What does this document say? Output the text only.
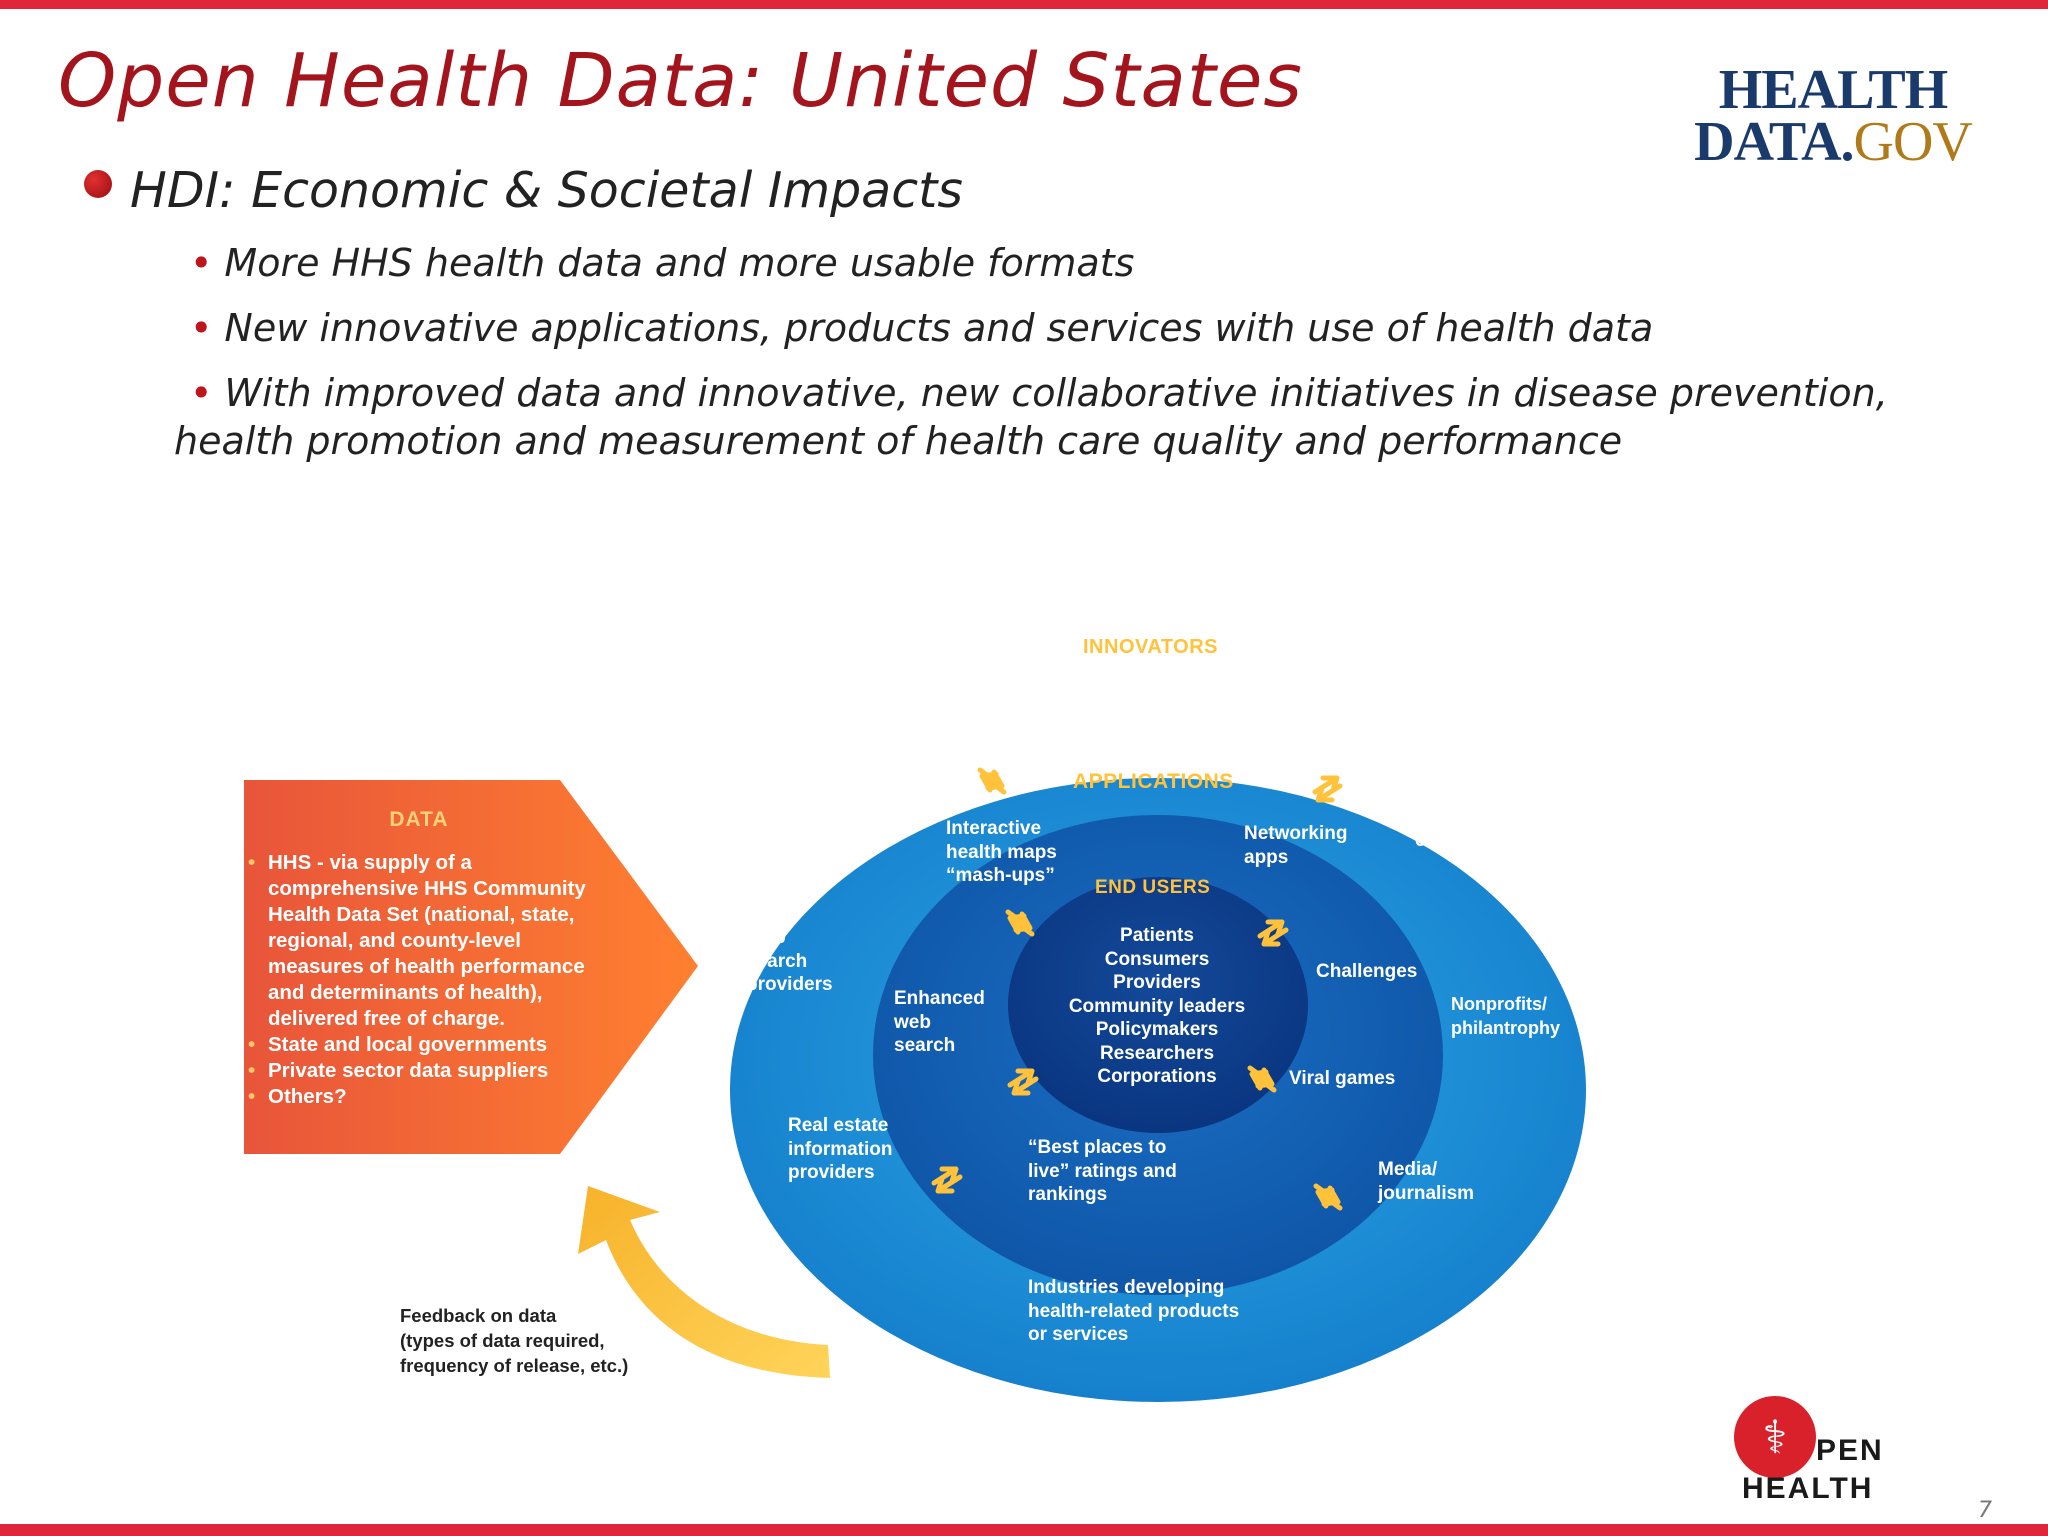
Open Health Data: United States	HEALTH
DATA.GOV
HDI: Economic & Societal Impacts
• More HHS health data and more usable formats
• New innovative applications, products and services with use of health data
• With improved data and innovative, new collaborative initiatives in disease prevention,
health promotion and measurement of health care quality and performance
DATA
• HHS - via supply of a
comprehensive HHS Community
Health Data Set (national, state,
regional, and county-level
measures of health performance
and determinants of health),
delivered free of charge.
• State and local governments
• Private sector data suppliers
• Others?
Feedback on data
(types of data required,
frequency of release, etc.)
INNOVATORS
APPLICATIONS
END USERS
Data
analytics
firms
Social
networking
providers
Tech
companies
Web
search
providers
Nonprofits/
philantrophy
Real estate
information
providers	Media/
journalism
Industries developing
health-related products
or services
Interactive
health maps
“mash-ups”
Networking
apps
Challenges
Enhanced
web
search
Viral games
“Best places to
live” ratings and
rankings
Patients
Consumers
Providers
Community leaders
Policymakers
Researchers
Corporations
⚕ PEN
HEALTH
7
